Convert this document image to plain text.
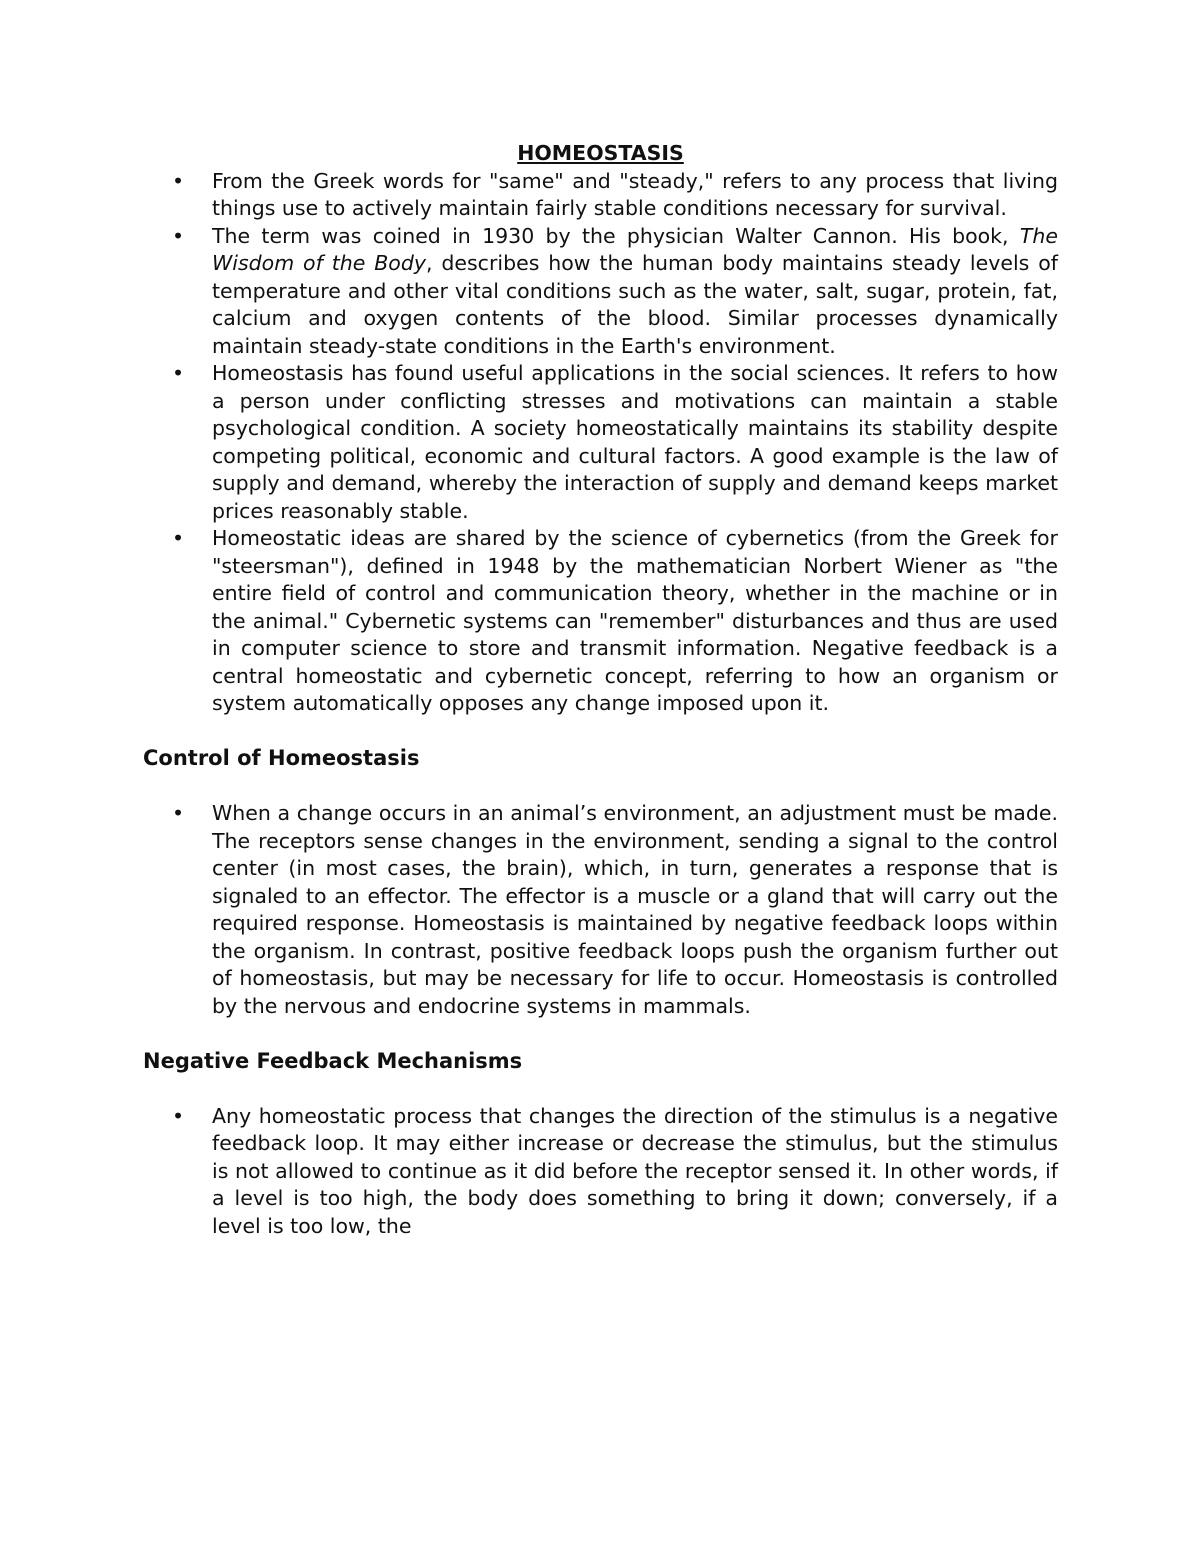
HOMEOSTASIS
• From the Greek words for "same" and "steady," refers to any process that living things use to actively maintain fairly stable conditions necessary for survival.
• The term was coined in 1930 by the physician Walter Cannon. His book, The Wisdom of the Body, describes how the human body maintains steady levels of temperature and other vital conditions such as the water, salt, sugar, protein, fat, calcium and oxygen contents of the blood. Similar processes dynamically maintain steady-state conditions in the Earth's environment.
• Homeostasis has found useful applications in the social sciences. It refers to how a person under conflicting stresses and motivations can maintain a stable psychological condition. A society homeostatically maintains its stability despite competing political, economic and cultural factors. A good example is the law of supply and demand, whereby the interaction of supply and demand keeps market prices reasonably stable.
• Homeostatic ideas are shared by the science of cybernetics (from the Greek for "steersman"), defined in 1948 by the mathematician Norbert Wiener as "the entire field of control and communication theory, whether in the machine or in the animal." Cybernetic systems can "remember" disturbances and thus are used in computer science to store and transmit information. Negative feedback is a central homeostatic and cybernetic concept, referring to how an organism or system automatically opposes any change imposed upon it.
Control of Homeostasis
• When a change occurs in an animal’s environment, an adjustment must be made. The receptors sense changes in the environment, sending a signal to the control center (in most cases, the brain), which, in turn, generates a response that is signaled to an effector. The effector is a muscle or a gland that will carry out the required response. Homeostasis is maintained by negative feedback loops within the organism. In contrast, positive feedback loops push the organism further out of homeostasis, but may be necessary for life to occur. Homeostasis is controlled by the nervous and endocrine systems in mammals.
Negative Feedback Mechanisms
• Any homeostatic process that changes the direction of the stimulus is a negative feedback loop. It may either increase or decrease the stimulus, but the stimulus is not allowed to continue as it did before the receptor sensed it. In other words, if a level is too high, the body does something to bring it down; conversely, if a level is too low, the
